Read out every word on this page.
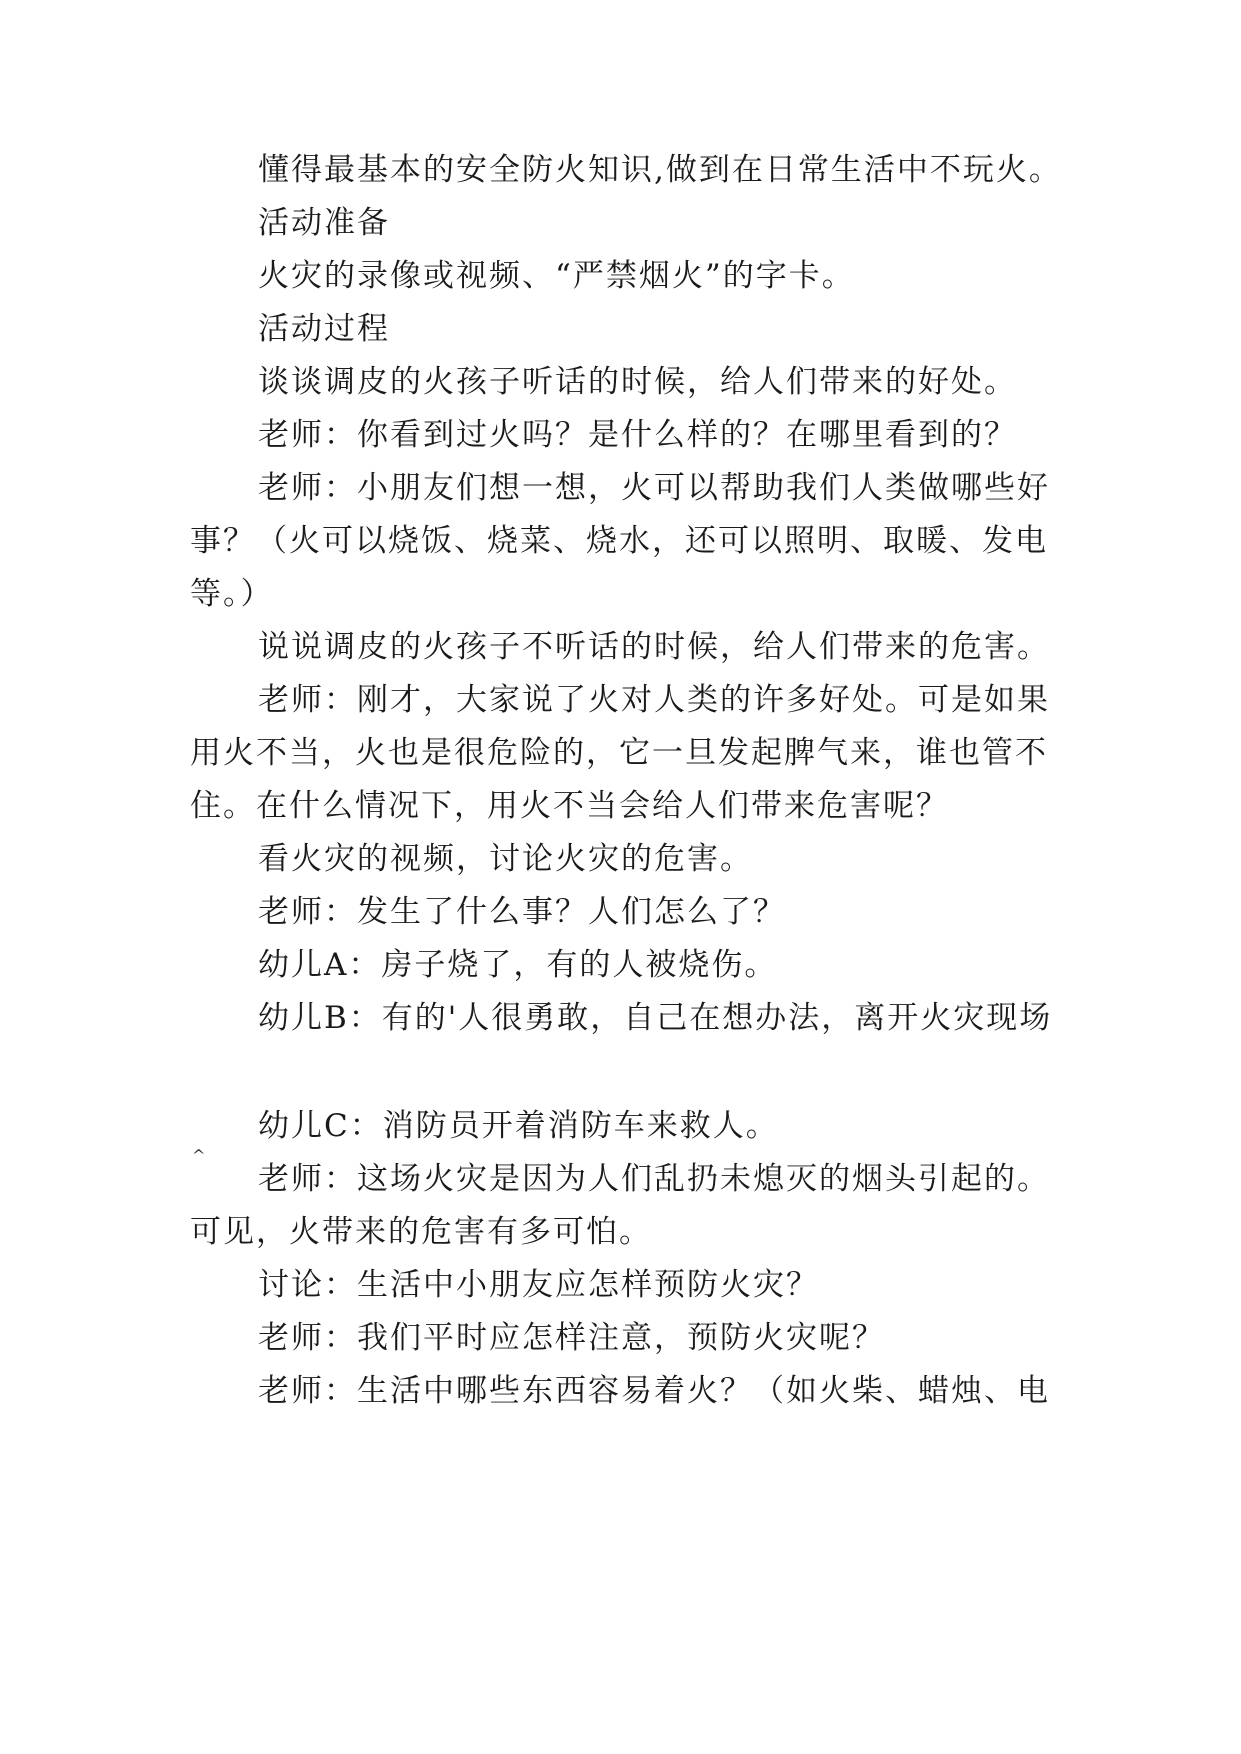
懂得最基本的安全防火知识,做到在日常生活中不玩火。

活动准备

火灾的录像或视频、“严禁烟火”的字卡。

活动过程

谈谈调皮的火孩子听话的时候，给人们带来的好处。

老师：你看到过火吗？是什么样的？在哪里看到的？

老师：小朋友们想一想，火可以帮助我们人类做哪些好

事？（火可以烧饭、烧菜、烧水，还可以照明、取暖、发电

等。）

说说调皮的火孩子不听话的时候，给人们带来的危害。

老师：刚才，大家说了火对人类的许多好处。可是如果

用火不当，火也是很危险的，它一旦发起脾气来，谁也管不

住。在什么情况下，用火不当会给人们带来危害呢？

看火灾的视频，讨论火灾的危害。

老师：发生了什么事？人们怎么了？

幼儿A：房子烧了，有的人被烧伤。

幼儿B：有的'人很勇敢，自己在想办法，离开火灾现场

^

幼儿C：消防员开着消防车来救人。

老师：这场火灾是因为人们乱扔未熄灭的烟头引起的。

可见，火带来的危害有多可怕。

讨论：生活中小朋友应怎样预防火灾？

老师：我们平时应怎样注意，预防火灾呢？

老师：生活中哪些东西容易着火？（如火柴、蜡烛、电
